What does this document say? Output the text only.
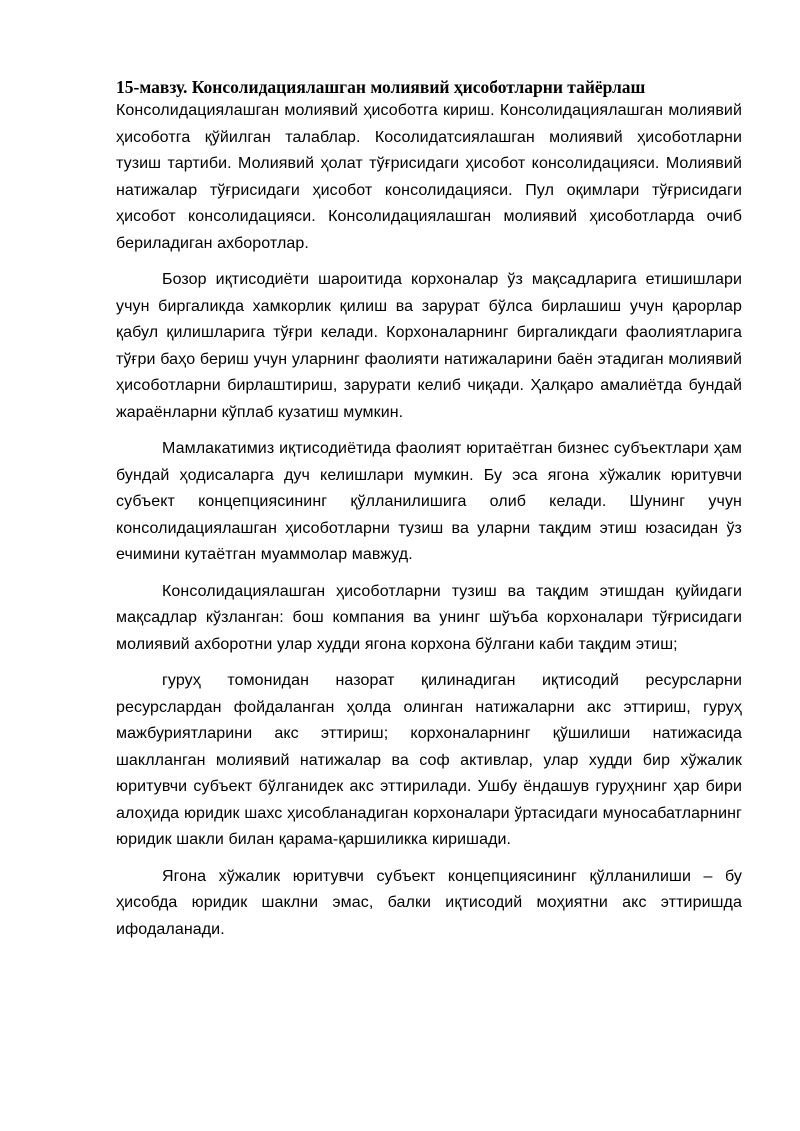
15-мавзу. Консолидациялашган молиявий ҳисоботларни тайёрлаш

Консолидациялашган молиявий ҳисоботга кириш. Консолидациялашган молиявий ҳисоботга қўйилган талаблар. Косолидатсиялашган молиявий ҳисоботларни тузиш тартиби. Молиявий ҳолат тўғрисидаги ҳисобот консолидацияси. Молиявий натижалар тўғрисидаги ҳисобот консолидацияси. Пул оқимлари тўғрисидаги ҳисобот консолидацияси. Консолидациялашган молиявий ҳисоботларда очиб бериладиган ахборотлар.

Бозор иқтисодиёти шароитида корхоналар ўз мақсадларига етишишлари учун биргаликда хамкорлик қилиш ва зарурат бўлса бирлашиш учун қарорлар қабул қилишларига тўғри келади. Корхоналарнинг биргаликдаги фаолиятларига тўғри баҳо бериш учун уларнинг фаолияти натижаларини баён этадиган молиявий ҳисоботларни бирлаштириш, зарурати келиб чиқади. Ҳалқаро амалиётда бундай жараёнларни кўплаб кузатиш мумкин.

Мамлакатимиз иқтисодиётида фаолият юритаётган бизнес субъектлари ҳам бундай ҳодисаларга дуч келишлари мумкин. Бу эса ягона хўжалик юритувчи субъект концепциясининг қўлланилишига олиб келади. Шунинг учун консолидациялашган ҳисоботларни тузиш ва уларни тақдим этиш юзасидан ўз ечимини кутаётган муаммолар мавжуд.

Консолидациялашган ҳисоботларни тузиш ва тақдим этишдан қуйидаги мақсадлар кўзланган: бош компания ва унинг шўъба корхоналари тўғрисидаги молиявий ахборотни улар худди ягона корхона бўлгани каби тақдим этиш;

гуруҳ томонидан назорат қилинадиган иқтисодий ресурсларни ресурслардан фойдаланган ҳолда олинган натижаларни акс эттириш, гуруҳ мажбуриятларини акс эттириш; корхоналарнинг қўшилиши натижасида шаклланган молиявий натижалар ва соф активлар, улар худди бир хўжалик юритувчи субъект бўлганидек акс эттирилади. Ушбу ёндашув гуруҳнинг ҳар бири алоҳида юридик шахс ҳисобланадиган корхоналари ўртасидаги муносабатларнинг юридик шакли билан қарама-қаршиликка киришади.

Ягона хўжалик юритувчи субъект концепциясининг қўлланилиши – бу ҳисобда юридик шаклни эмас, балки иқтисодий моҳиятни акс эттиришда ифодаланади.
